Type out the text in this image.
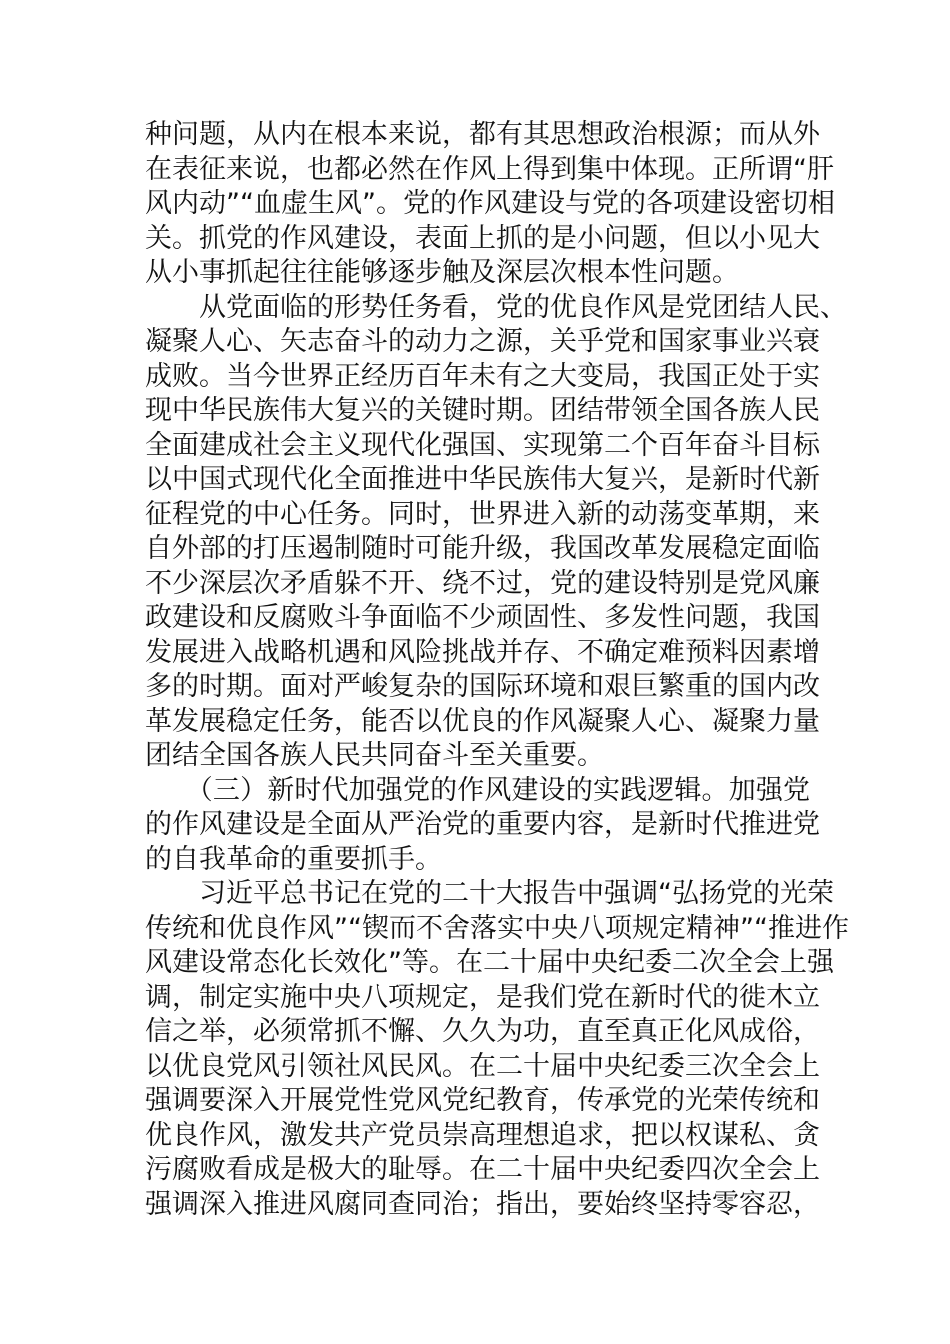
种问题，从内在根本来说，都有其思想政治根源；而从外
在表征来说，也都必然在作风上得到集中体现。正所谓“肝
风内动”“血虚生风”。党的作风建设与党的各项建设密切相
关。抓党的作风建设，表面上抓的是小问题，但以小见大
从小事抓起往往能够逐步触及深层次根本性问题。
　　从党面临的形势任务看，党的优良作风是党团结人民、
凝聚人心、矢志奋斗的动力之源，关乎党和国家事业兴衰
成败。当今世界正经历百年未有之大变局，我国正处于实
现中华民族伟大复兴的关键时期。团结带领全国各族人民
全面建成社会主义现代化强国、实现第二个百年奋斗目标
以中国式现代化全面推进中华民族伟大复兴，是新时代新
征程党的中心任务。同时，世界进入新的动荡变革期，来
自外部的打压遏制随时可能升级，我国改革发展稳定面临
不少深层次矛盾躲不开、绕不过，党的建设特别是党风廉
政建设和反腐败斗争面临不少顽固性、多发性问题，我国
发展进入战略机遇和风险挑战并存、不确定难预料因素增
多的时期。面对严峻复杂的国际环境和艰巨繁重的国内改
革发展稳定任务，能否以优良的作风凝聚人心、凝聚力量
团结全国各族人民共同奋斗至关重要。
　　（三）新时代加强党的作风建设的实践逻辑。加强党
的作风建设是全面从严治党的重要内容，是新时代推进党
的自我革命的重要抓手。
　　习近平总书记在党的二十大报告中强调“弘扬党的光荣
传统和优良作风”“锲而不舍落实中央八项规定精神”“推进作
风建设常态化长效化”等。在二十届中央纪委二次全会上强
调，制定实施中央八项规定，是我们党在新时代的徙木立
信之举，必须常抓不懈、久久为功，直至真正化风成俗，
以优良党风引领社风民风。在二十届中央纪委三次全会上
强调要深入开展党性党风党纪教育，传承党的光荣传统和
优良作风，激发共产党员崇高理想追求，把以权谋私、贪
污腐败看成是极大的耻辱。在二十届中央纪委四次全会上
强调深入推进风腐同查同治；指出，要始终坚持零容忍，
